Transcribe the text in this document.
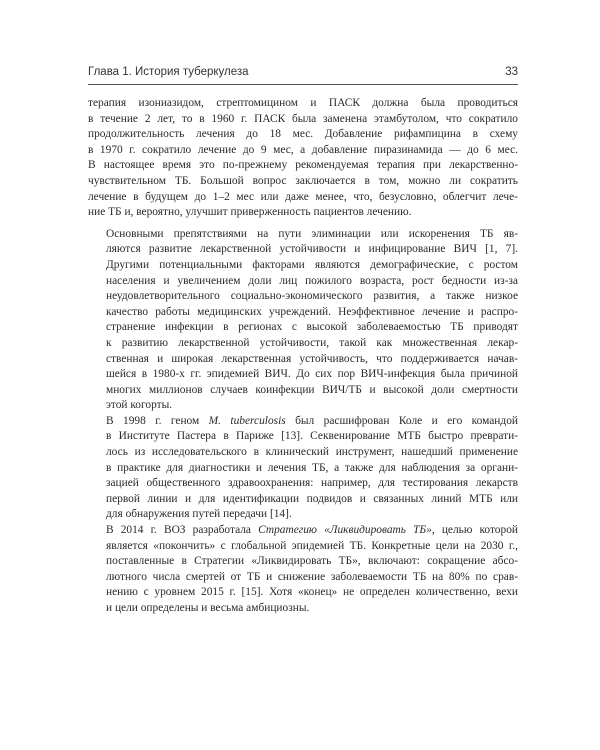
Глава 1. История туберкулеза	33

терапия изониазидом, стрептомицином и ПАСК должна была проводиться
в течение 2 лет, то в 1960 г. ПАСК была заменена этамбутолом, что сократило
продолжительность лечения до 18 мес. Добавление рифампицина в схему
в 1970 г. сократило лечение до 9 мес, а добавление пиразинамида — до 6 мес.
В настоящее время это по-прежнему рекомендуемая терапия при лекарственно-
чувствительном ТБ. Большой вопрос заключается в том, можно ли сократить
лечение в будущем до 1–2 мес или даже менее, что, безусловно, облегчит лече-
ние ТБ и, вероятно, улучшит приверженность пациентов лечению.

Основными препятствиями на пути элиминации или искоренения ТБ яв-
ляются развитие лекарственной устойчивости и инфицирование ВИЧ [1, 7].
Другими потенциальными факторами являются демографические, с ростом
населения и увеличением доли лиц пожилого возраста, рост бедности из-за
неудовлетворительного социально-экономического развития, а также низкое
качество работы медицинских учреждений. Неэффективное лечение и распро-
странение инфекции в регионах с высокой заболеваемостью ТБ приводят
к развитию лекарственной устойчивости, такой как множественная лекар-
ственная и широкая лекарственная устойчивость, что поддерживается начав-
шейся в 1980-х гг. эпидемией ВИЧ. До сих пор ВИЧ-инфекция была причиной
многих миллионов случаев коинфекции ВИЧ/ТБ и высокой доли смертности
этой когорты.

В 1998 г. геном M. tuberculosis был расшифрован Коле и его командой
в Институте Пастера в Париже [13]. Секвенирование МТБ быстро преврати-
лось из исследовательского в клинический инструмент, нашедший применение
в практике для диагностики и лечения ТБ, а также для наблюдения за органи-
зацией общественного здравоохранения: например, для тестирования лекарств
первой линии и для идентификации подвидов и связанных линий МТБ или
для обнаружения путей передачи [14].

В 2014 г. ВОЗ разработала Стратегию «Ликвидировать ТБ», целью которой
является «покончить» с глобальной эпидемией ТБ. Конкретные цели на 2030 г.,
поставленные в Стратегии «Ликвидировать ТБ», включают: сокращение абсо-
лютного числа смертей от ТБ и снижение заболеваемости ТБ на 80% по срав-
нению с уровнем 2015 г. [15]. Хотя «конец» не определен количественно, вехи
и цели определены и весьма амбициозны.
